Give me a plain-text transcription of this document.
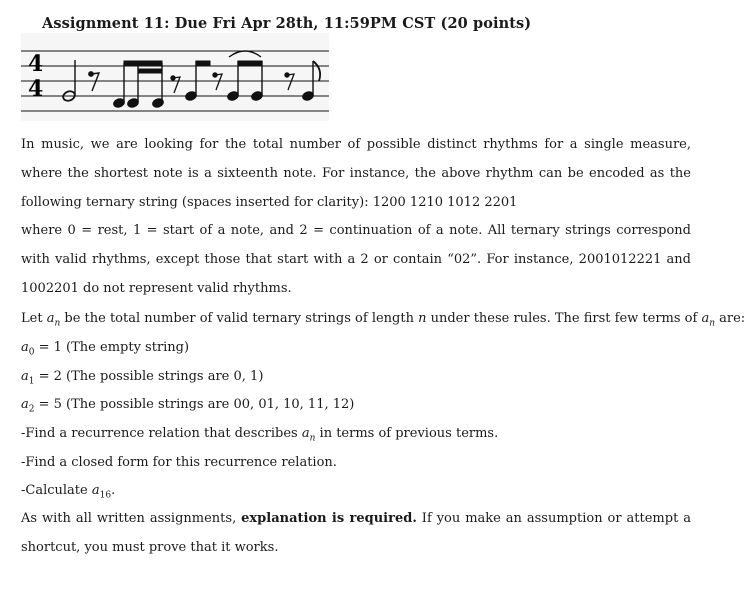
Assignment 11: Due Fri Apr 28th, 11:59PM CST (20 points)
4
4
In music, we are looking for the total number of possible distinct rhythms for a single measure, where the shortest note is a sixteenth note. For instance, the above rhythm can be encoded as the following ternary string (spaces inserted for clarity): 1200 1210 1012 2201
where 0 = rest, 1 = start of a note, and 2 = continuation of a note. All ternary strings correspond with valid rhythms, except those that start with a 2 or contain “02”. For instance, 2001012221 and 1002201 do not represent valid rhythms.
Let $a_n$ be the total number of valid ternary strings of length n under these rules. The first few terms of $a_n$ are:
$a_0 = 1$ (The empty string)
$a_1 = 2$ (The possible strings are 0, 1)
$a_2 = 5$ (The possible strings are 00, 01, 10, 11, 12)
-Find a recurrence relation that describes $a_n$ in terms of previous terms.
-Find a closed form for this recurrence relation.
-Calculate $a_{16}$.
As with all written assignments, explanation is required. If you make an assumption or attempt a shortcut, you must prove that it works.
